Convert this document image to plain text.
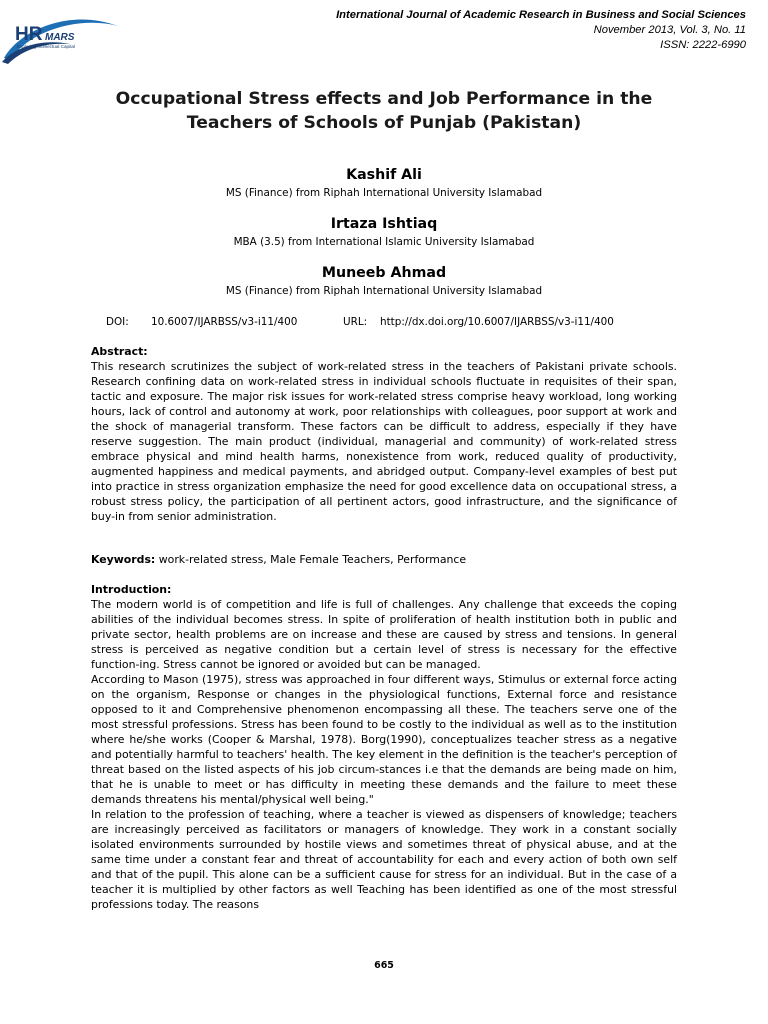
HR MARS
Exploring Intellectual Capital
International Journal of Academic Research in Business and Social Sciences
November 2013, Vol. 3, No. 11
ISSN: 2222-6990
Occupational Stress effects and Job Performance in the
Teachers of Schools of Punjab (Pakistan)
Kashif Ali
MS (Finance) from Riphah International University Islamabad
Irtaza Ishtiaq
MBA (3.5) from International Islamic University Islamabad
Muneeb Ahmad
MS (Finance) from Riphah International University Islamabad
DOI: 10.6007/IJARBSS/v3-i11/400	URL: http://dx.doi.org/10.6007/IJARBSS/v3-i11/400
Abstract:

This research scrutinizes the subject of work-related stress in the teachers of Pakistani private schools. Research confining data on work-related stress in individual schools fluctuate in requisites of their span, tactic and exposure. The major risk issues for work-related stress comprise heavy workload, long working hours, lack of control and autonomy at work, poor relationships with colleagues, poor support at work and the shock of managerial transform. These factors can be difficult to address, especially if they have reserve suggestion. The main product (individual, managerial and community) of work-related stress embrace physical and mind health harms, nonexistence from work, reduced quality of productivity, augmented happiness and medical payments, and abridged output. Company-level examples of best put into practice in stress organization emphasize the need for good excellence data on occupational stress, a robust stress policy, the participation of all pertinent actors, good infrastructure, and the significance of buy-in from senior administration.

Keywords: work-related stress, Male Female Teachers, Performance
Introduction:

The modern world is of competition and life is full of challenges. Any challenge that exceeds the coping abilities of the individual becomes stress. In spite of proliferation of health institution both in public and private sector, health problems are on increase and these are caused by stress and tensions. In general stress is perceived as negative condition but a certain level of stress is necessary for the effective function-ing. Stress cannot be ignored or avoided but can be managed.

According to Mason (1975), stress was approached in four different ways, Stimulus or external force acting on the organism, Response or changes in the physiological functions, External force and resistance opposed to it and Comprehensive phenomenon encompassing all these. The teachers serve one of the most stressful professions. Stress has been found to be costly to the individual as well as to the institution where he/she works (Cooper & Marshal, 1978). Borg(1990), conceptualizes teacher stress as a negative and potentially harmful to teachers' health. The key element in the definition is the teacher's perception of threat based on the listed aspects of his job circum-stances i.e that the demands are being made on him, that he is unable to meet or has difficulty in meeting these demands and the failure to meet these demands threatens his mental/physical well being."

In relation to the profession of teaching, where a teacher is viewed as dispensers of knowledge; teachers are increasingly perceived as facilitators or managers of knowledge. They work in a constant socially isolated environments surrounded by hostile views and sometimes threat of physical abuse, and at the same time under a constant fear and threat of accountability for each and every action of both own self and that of the pupil. This alone can be a sufficient cause for stress for an individual. But in the case of a teacher it is multiplied by other factors as well Teaching has been identified as one of the most stressful professions today. The reasons

665
